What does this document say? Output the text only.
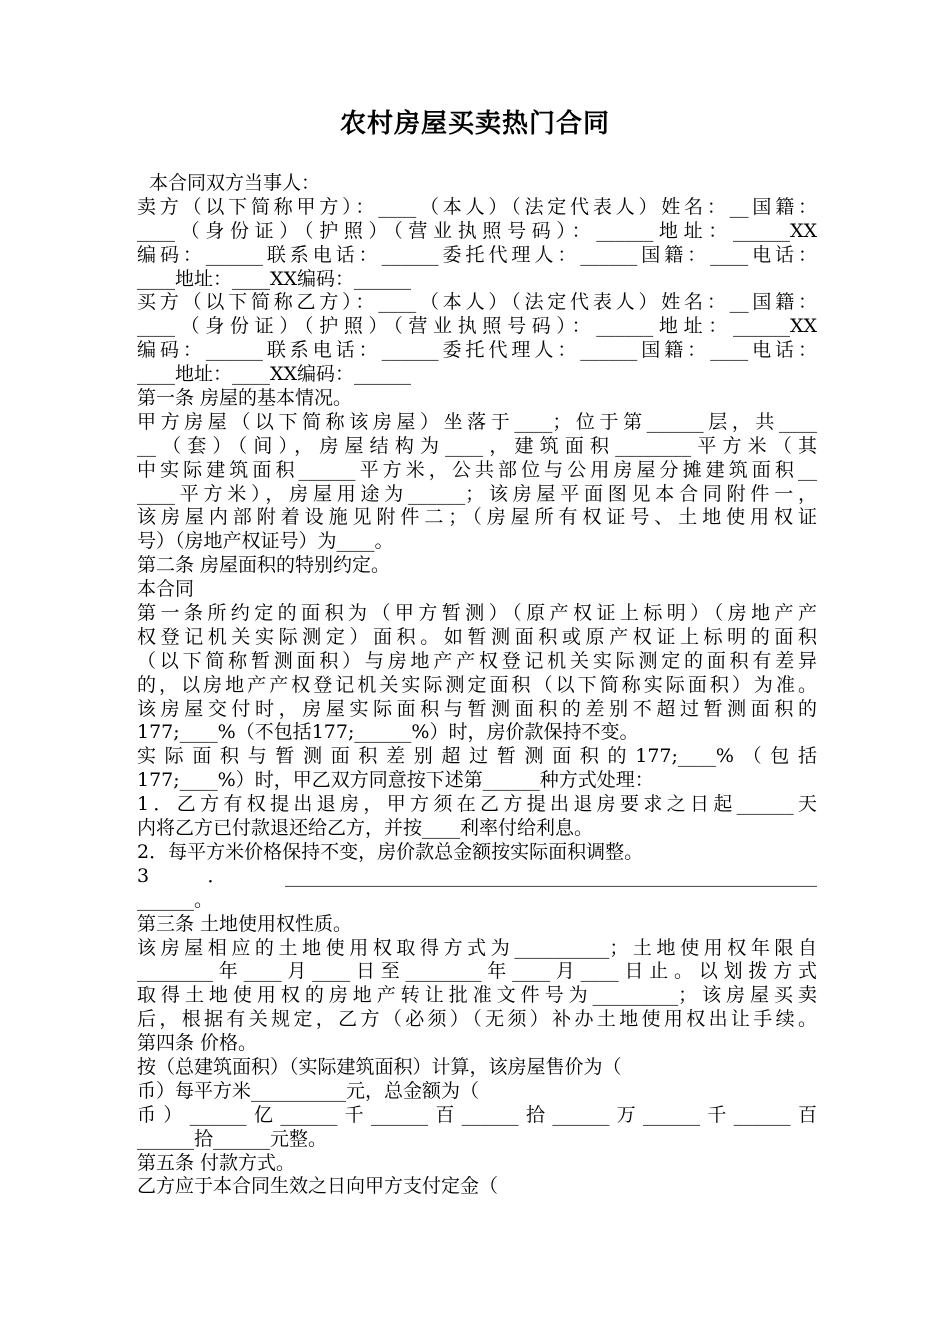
农村房屋买卖热门合同
本合同双方当事人：
卖方（以下简称甲方）：____（本人）（法定代表人）姓名：__国籍：
____（身份证）（护照）（营业执照号码）：______地址：______XX
编码：______联系电话：______委托代理人：______国籍：____电话：
____地址：____XX编码：______
买方（以下简称乙方）：____（本人）（法定代表人）姓名：__国籍：
____（身份证）（护照）（营业执照号码）：______地址：______XX
编码：______联系电话：______委托代理人：______国籍：____电话：
____地址：____XX编码：______
第一条 房屋的基本情况。
甲方房屋（以下简称该房屋）坐落于____；位于第______层，共____
__（套）（间），房屋结构为____，建筑面积________平方米（其
中实际建筑面积______平方米，公共部位与公用房屋分摊建筑面积__
____平方米），房屋用途为______；该房屋平面图见本合同附件一，
该房屋内部附着设施见附件二；（房屋所有权证号、土地使用权证
号）（房地产权证号）为____。
第二条 房屋面积的特别约定。
本合同
第一条所约定的面积为（甲方暂测）（原产权证上标明）（房地产产
权登记机关实际测定）面积。如暂测面积或原产权证上标明的面积
（以下简称暂测面积）与房地产产权登记机关实际测定的面积有差异
的，以房地产产权登记机关实际测定面积（以下简称实际面积）为准。
该房屋交付时，房屋实际面积与暂测面积的差别不超过暂测面积的
177;____%（不包括177;______%）时，房价款保持不变。
实际面积与暂测面积差别超过暂测面积的177;____%（包括
177;____%）时，甲乙双方同意按下述第______种方式处理：
1．乙方有权提出退房，甲方须在乙方提出退房要求之日起______天
内将乙方已付款退还给乙方，并按____利率付给利息。
2．每平方米价格保持不变，房价款总金额按实际面积调整。
3．________________________________________________________
______。
第三条 土地使用权性质。
该房屋相应的土地使用权取得方式为__________；土地使用权年限自
________年____月____日至________年____月____日止。以划拨方式
取得土地使用权的房地产转让批准文件号为_________；该房屋买卖
后，根据有关规定，乙方（必须）（无须）补办土地使用权出让手续。
第四条 价格。
按（总建筑面积）（实际建筑面积）计算，该房屋售价为（
币）每平方米__________元，总金额为（
币）______亿______千______百______拾______万______千______百
______拾______元整。
第五条 付款方式。
乙方应于本合同生效之日向甲方支付定金（
